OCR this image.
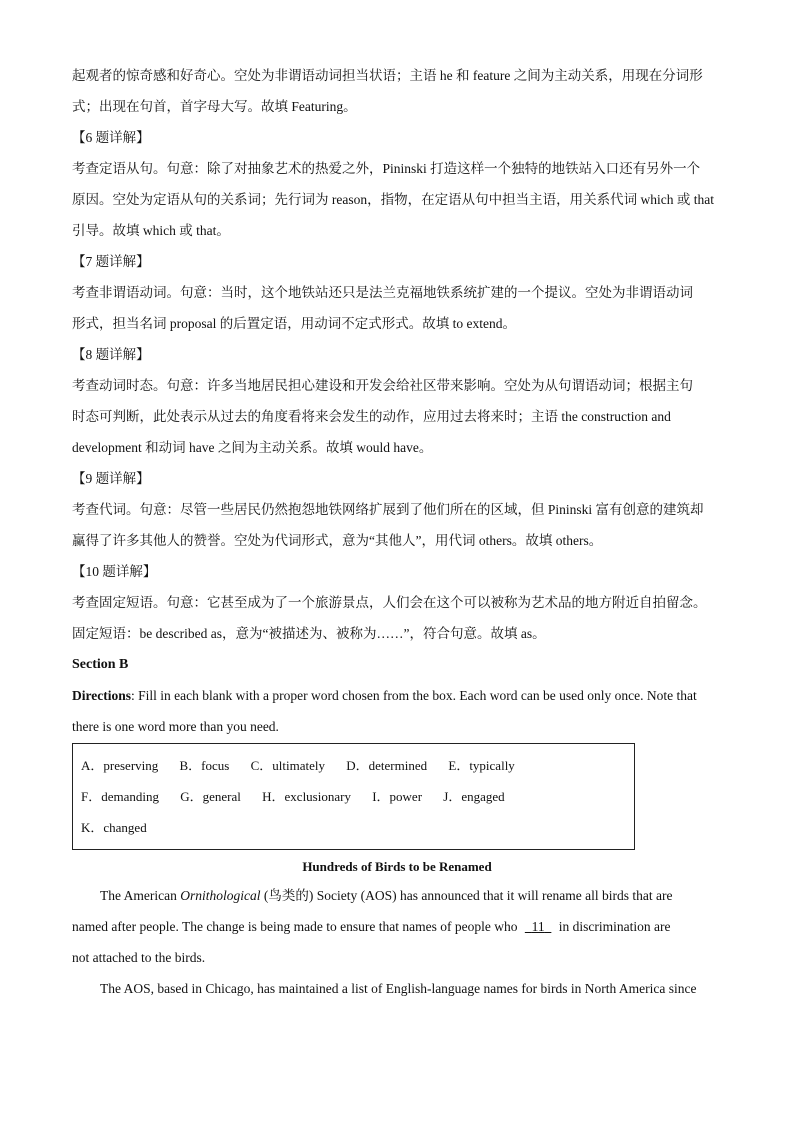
起观者的惊奇感和好奇心。空处为非谓语动词担当状语；主语 he 和 feature 之间为主动关系，用现在分词形
式；出现在句首，首字母大写。故填 Featuring。
【6 题详解】
考查定语从句。句意：除了对抽象艺术的热爱之外，Pininski 打造这样一个独特的地铁站入口还有另外一个
原因。空处为定语从句的关系词；先行词为 reason，指物，在定语从句中担当主语，用关系代词 which 或 that
引导。故填 which 或 that。
【7 题详解】
考查非谓语动词。句意：当时，这个地铁站还只是法兰克福地铁系统扩建的一个提议。空处为非谓语动词
形式，担当名词 proposal 的后置定语，用动词不定式形式。故填 to extend。
【8 题详解】
考查动词时态。句意：许多当地居民担心建设和开发会给社区带来影响。空处为从句谓语动词；根据主句
时态可判断，此处表示从过去的角度看将来会发生的动作，应用过去将来时；主语 the construction and
development 和动词 have 之间为主动关系。故填 would have。
【9 题详解】
考查代词。句意：尽管一些居民仍然抱怨地铁网络扩展到了他们所在的区域，但 Pininski 富有创意的建筑却
赢得了许多其他人的赞誉。空处为代词形式，意为“其他人”，用代词 others。故填 others。
【10 题详解】
考查固定短语。句意：它甚至成为了一个旅游景点，人们会在这个可以被称为艺术品的地方附近自拍留念。
固定短语：be described as，意为“被描述为、被称为……”，符合句意。故填 as。
Section B
Directions: Fill in each blank with a proper word chosen from the box. Each word can be used only once. Note that
there is one word more than you need.
A．preserving B．focus C．ultimately D．determined E．typically
F．demanding G．general H．exclusionary I．power J．engaged
K．changed
Hundreds of Birds to be Renamed
The American Ornithological (鸟类的) Society (AOS) has announced that it will rename all birds that are
named after people. The change is being made to ensure that names of people who   11   in discrimination are
not attached to the birds.
The AOS, based in Chicago, has maintained a list of English-language names for birds in North America since
